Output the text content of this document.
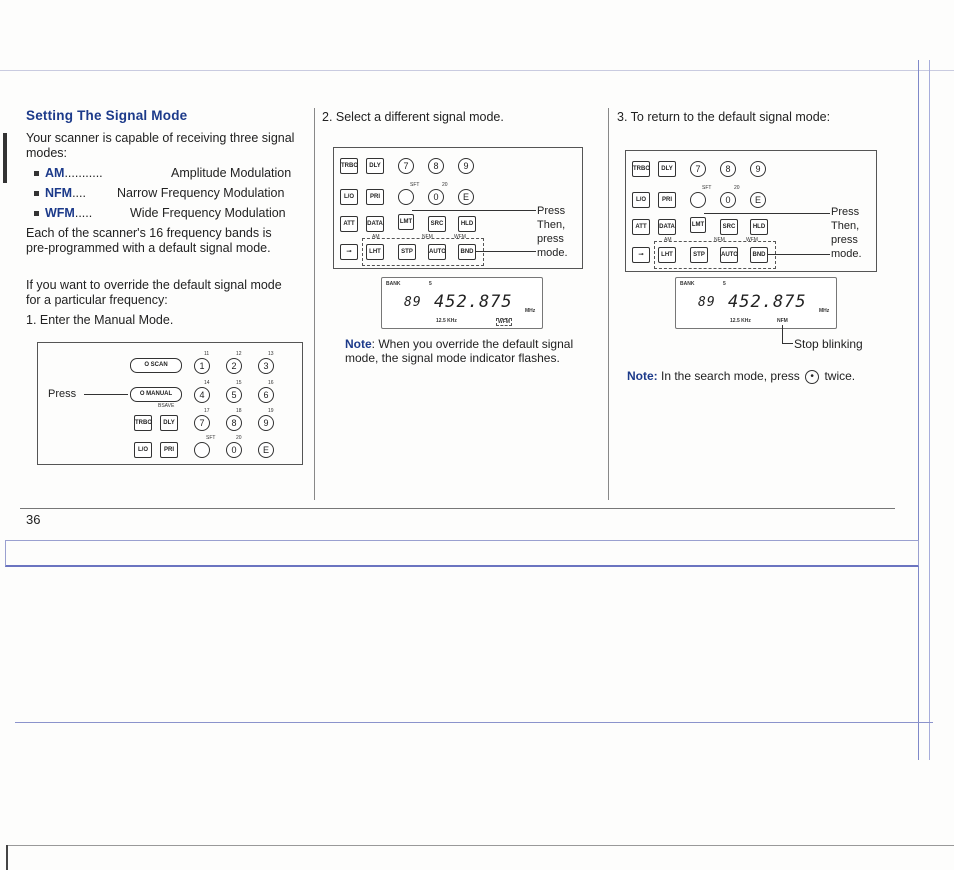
36
Setting The Signal Mode
Your scanner is capable of receiving three signal modes:
AM...........	Amplitude Modulation
NFM.... Narrow Frequency Modulation
WFM.....	Wide Frequency Modulation
Each of the scanner's 16 frequency bands is pre-programmed with a default signal mode.
If you want to override the default signal mode for a particular frequency:
1. Enter the Manual Mode.
Press
O SCAN
O MANUAL
11	12	13
1	2	3
14	15	16
4	5	6
BSAVE
17	18	19
TRBO	DLY	7	8	9
SFT	20
L/O	PRI	0	E
2. Select a different signal mode.
TRBO	DLY	7	8	9
SFT	20
L/O	PRI	0	E
ATT	DATA	LMT	SRC	HLD
AM	NFM	WFM
⊸	LHT	STP	AUTO	BND
Press
Then,
press
mode.
BANK	5
89 452.875 MHz
12.5 KHz	WFM
Note: When you override the default signal mode, the signal mode indicator flashes.
3. To return to the default signal mode:
TRBO	DLY	7	8	9
SFT	20
L/O	PRI	0	E
ATT	DATA	LMT	SRC	HLD
AM	NFM	WFM
⊸	LHT	STP	AUTO	BND
Press
Then,
press
mode.
BANK	5
89 452.875 MHz
12.5 KHz	NFM
Stop blinking
Note: In the search mode, press • twice.
